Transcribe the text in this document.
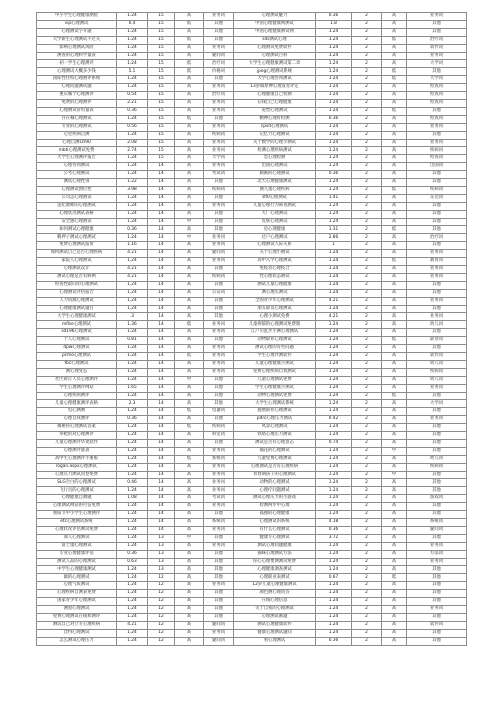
中小学生心理健康测验	1.24	15	高	业务词	心理测试魅力	0.36	2	高	业务词
vip心理测试	0.4	15	低	其他	中国心理健康网测试	1.8	2	高	其他
心理测试字开题	1.24	15	高	其他	中国心理健康测试网	1.24	2	高	其他
大学新生心理测试不过关	1.24	15	低	其他	sds测试心理	1.24	2	低	治疗词
影响心理测试风险	1.24	15	高	业务词	心理测试免费软件	1.24	2	高	软件词
测查的心理科学量表	1.24	15	高	疑问词	心理测试百科	1.24	2	高	业务词
初一学生心理测评	1.24	15	低	治疗词	大学生心理健康测试第二章	1.24	2	高	大学词
心理测试大概多少钱	5.1	15	低	价格词	jpeg心理测试系统	1.24	2	低	其他
国际性住校心理测评系统	1.24	15	高	其他	大学心理咨询测试	1.24	2	低	大学词
心理问题测试题	1.24	15	高	业务词	13岁做原神心理发育评定	1.24	2	高	检查词
重庆哪个心理测评	0.54	15	高	治疗词	心理健康自己检测	1.24	2	高	检查词
免费的心理测评	2.21	15	高	业务词	在线自己心理健康	1.24	2	高	检查词
心理测试常用量表	0.36	15	高	业务词	泥塑心理测试	1.24	2	低	其他
存在哪心理测试	1.24	15	低	其他	精神心理好检测	0.36	2	高	检查词
专业的心理测试	0.56	15	高	业务词	cpsd心理测试	1.24	2	高	业务词
心里疾病自测	1.24	15	高	疾病词	记忆力心理测试	1.24	2	高	其他
心理自测scl90	2.08	15	高	业务词	关于数学的心理小测试	1.24	2	高	业务词
mbti心理测试免费	2.74	15	高	业务词	检测心理疾病测试	1.24	2	高	疾病词
大学生心理测评报告	1.24	15	高	大学词	恋心理检测	1.24	2	高	检查词
心理咨询测试	1.24	14	高	业务词	出国心理测试	1.24	2	高	出国词
公考心理测试	1.24	14	高	考试词	画画的心理测试	0.36	2	高	其他
测试心理性别	1.22	14	高	其他	北大心理健康测试	1.24	2	高	其他
心理测试图位控	3.98	14	高	疾病词	测儿童心理疾病	1.24	2	低	疾病词
公司怎心理测试	1.24	14	高	其他	sfl0心理测试	1.41	2	高	东莞词
违纪教师的心理测试	1.24	14	高	业务词	儿童心理行为筛查测试	1.24	2	高	其他
心理状况测试表格	1.24	14	高	其他	大厂心理测试	1.24	2	高	其他
安全感心理测试	1.24	14	中	其他	皮肤心理测试	1.24	2	高	其他
如何测试心理健康	0.36	14	高	其他	房心理健康	1.31	2	低	其他
羁押子测试心理测试	1.24	14	中	业务词	过户心理测试	2.86	2	高	治疗词
免费心理测试报帮	1.16	14	高	业务词	心理测试人际关系	1	2	高	其他
如何测试自己是否心理疾病	4.21	14	高	疑问词	关于心理小测试	1.24	2	高	业务词
家院人心理测试	1.24	14	高	业务词	高中入学心理测试	1.24	2	低	教育词
心理测试设计	4.21	14	高	其他	免疫者心理疫合	1.24	2	高	业务词
测试心理是否有病例	4.21	14	高	疾病词	性心理状态测试	1.24	2	高	业务词
检查性取向的心理测试	1.24	14	高	其他	测试儿童心理健康	1.24	2	高	其他
心理测试评估报告	1.24	14	高	公证词	测心理压测试	1.24	2	高	其他
人力资源心理测试	1.24	14	高	其他	全国青少年心理测试	4.21	2	高	业务词
心理健康测试题目	1.24	14	高	其他	朋友职员心理测试	1.24	2	高	其他
大学生心理健康测试	.3	14	高	其他	心理小测试免费	4.21	2	高	业务词
mflse心理测试	1.36	14	低	业务词	儿童抑郁的心理测试免费版	1.24	2	高	幼儿词
sd196心理测试	1.24	14	高	业务词	江户川乱步小测心理测试	1.24	2	高	其他
个人心理测试	0.81	14	高	其他	动物职业心理测试	1.24	2	低	职业词
dpw心理测试	1.24	14	高	业务词	测试心理的有些问题	1.24	2	高	其他
pcmo心理测试	1.24	14	低	业务词	学生心理评测软件	1.24	2	高	软件词
fbc心理测试	1.24	14	高	业务词	儿童心理健康小测试	1.24	2	高	幼儿词
测心理变态	1.24	14	高	业务词	免费心理疾病自我测试	1.24	2	高	疾病词
社区矫正人员心理测评	1.24	14	中	其他	儿童心理测试免费	1.24	2	高	幼儿词
学生心理测评网站	1.65	14	高	其他	学生心理健康小测试	1.24	2	高	业务词
心理疾病测评	1.24	14	高	其他	动物心理测试免费	1.24	2	低	其他
儿童心理健康测评表格	2.3	14	高	其他	大学生心理测试系统	1.24	2	高	大学词
电心测测	1.24	14	低	电器词	施展职业心理测试	1.24	2	高	其他
心理自我测评	0.36	14	高	其他	pdrc心理压力测试	0.42	2	高	业务词
揭秘你心理测试答案	1.24	14	低	疾病词	风景心理测试	1.24	2	高	其他
举枪的对心理测评	1.24	14	高	科室词	铁塔心理压力测试	1.24	2	高	其他
儿童心理测评华麦软件	1.24	14	高	其他	测试是否有心理意志	0.74	2	高	其他
心理测评量表	1.24	14	高	业务词	插花的心理测试	1.24	2	中	其他
高中生心理测评手册版	1.24	14	低	系统词	儿童免费心理测试	1.24	2	高	幼儿词
logan.aspx心理测试	1.24	14	高	业务词	心理测试是否有心理疾病	1.24	2	高	疾病词
心理压力测试问卷免费	1.24	14	高	业务词	青春期孩子的心理测试	1.24	2	中	其他
SLG空白的心理测试	0.46	14	高	业务词	动物的心理测试	1.24	2	高	其他
飞行员的心理测试	1.24	14	高	业务词	心理疗问题测试	1.24	2	高	其他
心理健康自测题	1.08	14	高	考试词	测试心理压力的小游戏	1.24	2	高	游戏词
心理测试网站的可信免费	1.24	14	高	业务词	检测两步中心理	1.24	2	高	其他
重阳节中小学生心理测评	1.24	14	高	其他	孤独的心理健康	1.24	2	高	其他
etc心理测试系统	1.24	14	高	系统词	心理测试的系统	4.18	2	高	系统词
心理状况评估测试免费	1.24	14	高	业务词	有什么心理测试	0.36	2	高	疑问词
商人心理测试	1.24	13	中	其他	健康专心理测试	3.72	2	高	其他
富士康心理测试	1.24	13	高	业务词	测试心理问题健康	1.24	2	高	业务词
专业心理健康评估	0.36	13	高	其他	猫咪心理测试方法	1.24	2	高	方法词
测试人品的心理测试	0.63	13	高	其他	你心心理要测测试免费	1.24	2	高	业务词
中学生心理健康测试	1.24	13	高	其他	心理健康调查测试	1.24	2	高	其他
做的心理测试	1.24	12	高	其他	心理职业表测试	0.67	2	低	其他
心理气质测试	1.24	12	高	业务词	12岁儿童心理健康测试	1.24	2	高	其他
心理疾病自测表免费	1.24	12	高	其他	颜色测心理问答	1.24	2	高	其他
国家青少年心理测试	1.24	12	高	其他	在线心理信息	1.24	2	高	其他
测验心理测试	1.24	12	高	其他	关于自我的心理测试	1.24	2	高	业务词
免费心理测试在线和测评	1.24	12	高	其他	心理测试画题	1.24	2	高	其他
测试自己对立专心理疾病	4.21	12	高	疑问词	测试心理健康软件	1.24	2	高	软件词
比特心理测试	1.24	12	高	业务词	健康心理测试题问	1.24	2	高	其他
怎么测试心理压力	1.24	12	高	疑问词	看心理测试	0.36	2	高	其他
